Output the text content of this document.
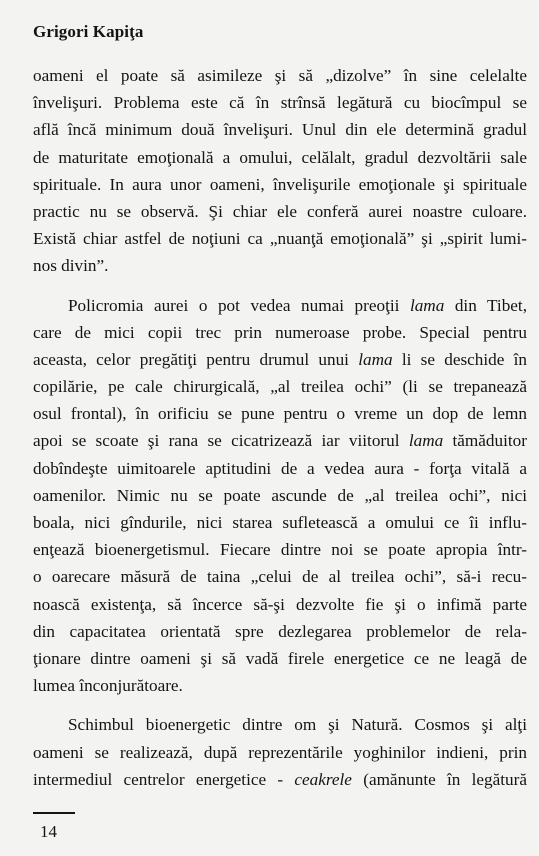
Grigori Kapiţa
oameni el poate să asimileze şi să „dizolve” în sine celelalte
învelişuri. Problema este că în strînsă legătură cu biocîmpul se
află încă minimum două învelişuri. Unul din ele determină gradul
de maturitate emoţională a omului, celălalt, gradul dezvoltării sale
spirituale. In aura unor oameni, învelişurile emoţionale şi spirituale
practic nu se observă. Şi chiar ele conferă aurei noastre culoare.
Există chiar astfel de noţiuni ca „nuanţă emoţională” şi „spirit lumi-
nos divin”.
Policromia aurei o pot vedea numai preoţii lama din Tibet,
care de mici copii trec prin numeroase probe. Special pentru
aceasta, celor pregătiţi pentru drumul unui lama li se deschide în
copilărie, pe cale chirurgicală, „al treilea ochi” (li se trepanează
osul frontal), în orificiu se pune pentru o vreme un dop de lemn
apoi se scoate şi rana se cicatrizează iar viitorul lama tămăduitor
dobîndeşte uimitoarele aptitudini de a vedea aura - forţa vitală a
oamenilor. Nimic nu se poate ascunde de „al treilea ochi”, nici
boala, nici gîndurile, nici starea sufletească a omului ce îi influ-
enţează bioenergetismul. Fiecare dintre noi se poate apropia într-
o oarecare măsură de taina „celui de al treilea ochi”, să-i recu-
noască existenţa, să încerce să-şi dezvolte fie şi o infimă parte
din capacitatea orientată spre dezlegarea problemelor de rela-
ţionare dintre oameni şi să vadă firele energetice ce ne leagă de
lumea înconjurătoare.
Schimbul bioenergetic dintre om şi Natură. Cosmos şi alţi
oameni se realizează, după reprezentările yoghinilor indieni, prin
intermediul centrelor energetice - ceakrele (amănunte în legătură
14
